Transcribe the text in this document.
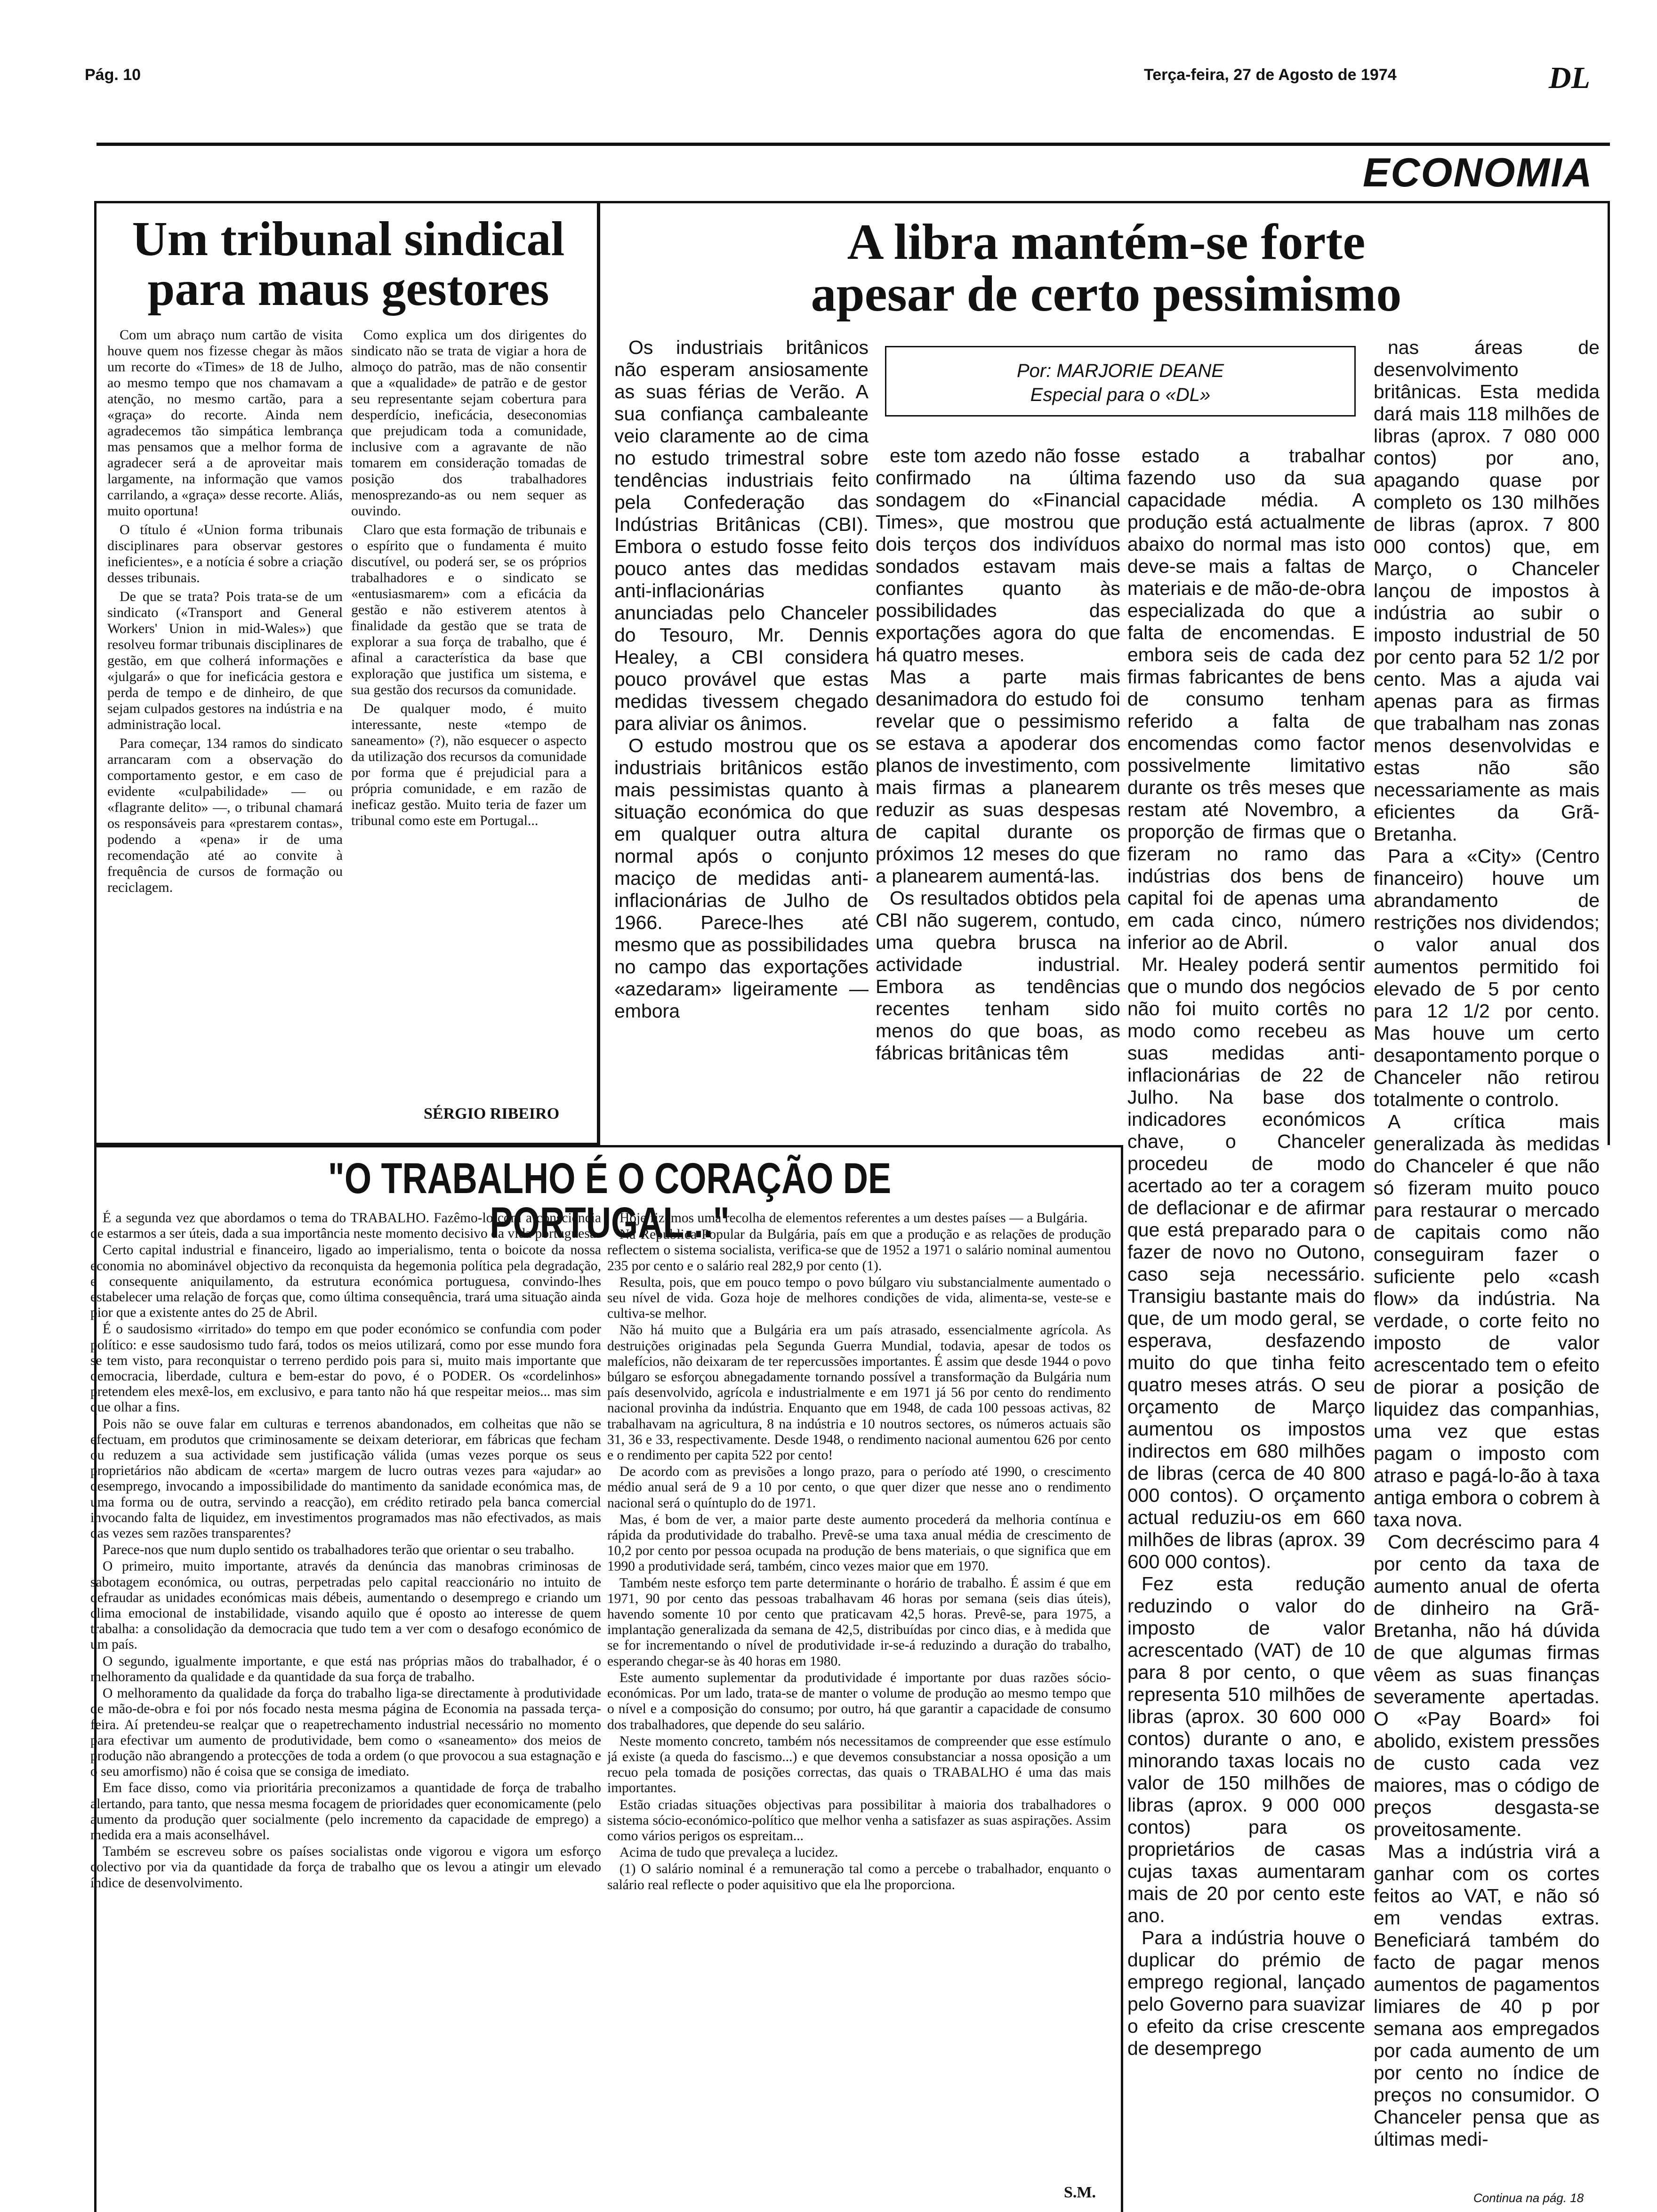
Pág. 10	Terça-feira, 27 de Agosto de 1974	DL
ECONOMIA
Um tribunal sindical para maus gestores

Com um abraço num cartão de visita houve quem nos fizesse chegar às mãos um recorte do «Times» de 18 de Julho, ao mesmo tempo que nos chamavam a atenção, no mesmo cartão, para a «graça» do recorte. Ainda nem agradecemos tão simpática lembrança mas pensamos que a melhor forma de agradecer será a de aproveitar mais largamente, na informação que vamos carrilando, a «graça» desse recorte. Aliás, muito oportuna!

O título é «Union forma tribunais disciplinares para observar gestores ineficientes», e a notícia é sobre a criação desses tribunais.

De que se trata? Pois trata-se de um sindicato («Transport and General Workers' Union in mid-Wales») que resolveu formar tribunais disciplinares de gestão, em que colherá informações e «julgará» o que for ineficácia gestora e perda de tempo e de dinheiro, de que sejam culpados gestores na indústria e na administração local.

Para começar, 134 ramos do sindicato arrancaram com a observação do comportamento gestor, e em caso de evidente «culpabilidade» — ou «flagrante delito» —, o tribunal chamará os responsáveis para «prestarem contas», podendo a «pena» ir de uma recomendação até ao convite à frequência de cursos de formação ou reciclagem.

Como explica um dos dirigentes do sindicato não se trata de vigiar a hora de almoço do patrão, mas de não consentir que a «qualidade» de patrão e de gestor seu representante sejam cobertura para desperdício, ineficácia, deseconomias que prejudicam toda a comunidade, inclusive com a agravante de não tomarem em consideração tomadas de posição dos trabalhadores menosprezando-as ou nem sequer as ouvindo.

Claro que esta formação de tribunais e o espírito que o fundamenta é muito discutível, ou poderá ser, se os próprios trabalhadores e o sindicato se «entusiasmarem» com a eficácia da gestão e não estiverem atentos à finalidade da gestão que se trata de explorar a sua força de trabalho, que é afinal a característica da base que exploração que justifica um sistema, e sua gestão dos recursos da comunidade.

De qualquer modo, é muito interessante, neste «tempo de saneamento» (?), não esquecer o aspecto da utilização dos recursos da comunidade por forma que é prejudicial para a própria comunidade, e em razão de ineficaz gestão. Muito teria de fazer um tribunal como este em Portugal...

SÉRGIO RIBEIRO
A libra mantém-se forte apesar de certo pessimismo
Por: MARJORIE DEANE
Especial para o «DL»

Os industriais britânicos não esperam ansiosamente as suas férias de Verão. A sua confiança cambaleante veio claramente ao de cima no estudo trimestral sobre tendências industriais feito pela Confederação das Indústrias Britânicas (CBI). Embora o estudo fosse feito pouco antes das medidas anti-inflacionárias anunciadas pelo Chanceler do Tesouro, Mr. Dennis Healey, a CBI considera pouco provável que estas medidas tivessem chegado para aliviar os ânimos.

O estudo mostrou que os industriais britânicos estão mais pessimistas quanto à situação económica do que em qualquer outra altura normal após o conjunto maciço de medidas anti-inflacionárias de Julho de 1966. Parece-lhes até mesmo que as possibilidades no campo das exportações «azedaram» ligeiramente — embora

este tom azedo não fosse confirmado na última sondagem do «Financial Times», que mostrou que dois terços dos indivíduos sondados estavam mais confiantes quanto às possibilidades das exportações agora do que há quatro meses.

Mas a parte mais desanimadora do estudo foi revelar que o pessimismo se estava a apoderar dos planos de investimento, com mais firmas a planearem reduzir as suas despesas de capital durante os próximos 12 meses do que a planearem aumentá-las.

Os resultados obtidos pela CBI não sugerem, contudo, uma quebra brusca na actividade industrial. Embora as tendências recentes tenham sido menos do que boas, as fábricas britânicas têm

estado a trabalhar fazendo uso da sua capacidade média. A produção está actualmente abaixo do normal mas isto deve-se mais a faltas de materiais e de mão-de-obra especializada do que a falta de encomendas. E embora seis de cada dez firmas fabricantes de bens de consumo tenham referido a falta de encomendas como factor possivelmente limitativo durante os três meses que restam até Novembro, a proporção de firmas que o fizeram no ramo das indústrias dos bens de capital foi de apenas uma em cada cinco, número inferior ao de Abril.

Mr. Healey poderá sentir que o mundo dos negócios não foi muito cortês no modo como recebeu as suas medidas anti-inflacionárias de 22 de Julho. Na base dos indicadores económicos chave, o Chanceler procedeu de modo acertado ao ter a coragem de deflacionar e de afirmar que está preparado para o fazer de novo no Outono, caso seja necessário. Transigiu bastante mais do que, de um modo geral, se esperava, desfazendo muito do que tinha feito quatro meses atrás. O seu orçamento de Março aumentou os impostos indirectos em 680 milhões de libras (cerca de 40 800 000 contos). O orçamento actual reduziu-os em 660 milhões de libras (aprox. 39 600 000 contos).

Fez esta redução reduzindo o valor do imposto de valor acrescentado (VAT) de 10 para 8 por cento, o que representa 510 milhões de libras (aprox. 30 600 000 contos) durante o ano, e minorando taxas locais no valor de 150 milhões de libras (aprox. 9 000 000 contos) para os proprietários de casas cujas taxas aumentaram mais de 20 por cento este ano.

Para a indústria houve o duplicar do prémio de emprego regional, lançado pelo Governo para suavizar o efeito da crise crescente de desemprego

nas áreas de desenvolvimento britânicas. Esta medida dará mais 118 milhões de libras (aprox. 7 080 000 contos) por ano, apagando quase por completo os 130 milhões de libras (aprox. 7 800 000 contos) que, em Março, o Chanceler lançou de impostos à indústria ao subir o imposto industrial de 50 por cento para 52 1/2 por cento. Mas a ajuda vai apenas para as firmas que trabalham nas zonas menos desenvolvidas e estas não são necessariamente as mais eficientes da Grã-Bretanha.

Para a «City» (Centro financeiro) houve um abrandamento de restrições nos dividendos; o valor anual dos aumentos permitido foi elevado de 5 por cento para 12 1/2 por cento. Mas houve um certo desapontamento porque o Chanceler não retirou totalmente o controlo.

A crítica mais generalizada às medidas do Chanceler é que não só fizeram muito pouco para restaurar o mercado de capitais como não conseguiram fazer o suficiente pelo «cash flow» da indústria. Na verdade, o corte feito no imposto de valor acrescentado tem o efeito de piorar a posição de liquidez das companhias, uma vez que estas pagam o imposto com atraso e pagá-lo-ão à taxa antiga embora o cobrem à taxa nova.

Com decréscimo para 4 por cento da taxa de aumento anual de oferta de dinheiro na Grã-Bretanha, não há dúvida de que algumas firmas vêem as suas finanças severamente apertadas. O «Pay Board» foi abolido, existem pressões de custo cada vez maiores, mas o código de preços desgasta-se proveitosamente.

Mas a indústria virá a ganhar com os cortes feitos ao VAT, e não só em vendas extras. Beneficiará também do facto de pagar menos aumentos de pagamentos limiares de 40 p por semana aos empregados por cada aumento de um por cento no índice de preços no consumidor. O Chanceler pensa que as últimas medi-

Continua na pág. 18
"O TRABALHO É O CORAÇÃO DE PORTUGAL..."

É a segunda vez que abordamos o tema do TRABALHO. Fazêmo-lo com a consciência de estarmos a ser úteis, dada a sua importância neste momento decisivo da vida portuguesa.

Certo capital industrial e financeiro, ligado ao imperialismo, tenta o boicote da nossa economia no abominável objectivo da reconquista da hegemonia política pela degradação, e consequente aniquilamento, da estrutura económica portuguesa, convindo-lhes estabelecer uma relação de forças que, como última consequência, trará uma situação ainda pior que a existente antes do 25 de Abril.

É o saudosismo «irritado» do tempo em que poder económico se confundia com poder político: e esse saudosismo tudo fará, todos os meios utilizará, como por esse mundo fora se tem visto, para reconquistar o terreno perdido pois para si, muito mais importante que democracia, liberdade, cultura e bem-estar do povo, é o PODER. Os «cordelinhos» pretendem eles mexê-los, em exclusivo, e para tanto não há que respeitar meios... mas sim que olhar a fins.

Pois não se ouve falar em culturas e terrenos abandonados, em colheitas que não se efectuam, em produtos que criminosamente se deixam deteriorar, em fábricas que fecham ou reduzem a sua actividade sem justificação válida (umas vezes porque os seus proprietários não abdicam de «certa» margem de lucro outras vezes para «ajudar» ao desemprego, invocando a impossibilidade do mantimento da sanidade económica mas, de uma forma ou de outra, servindo a reacção), em crédito retirado pela banca comercial invocando falta de liquidez, em investimentos programados mas não efectivados, as mais das vezes sem razões transparentes?

Parece-nos que num duplo sentido os trabalhadores terão que orientar o seu trabalho.

O primeiro, muito importante, através da denúncia das manobras criminosas de sabotagem económica, ou outras, perpetradas pelo capital reaccionário no intuito de defraudar as unidades económicas mais débeis, aumentando o desemprego e criando um clima emocional de instabilidade, visando aquilo que é oposto ao interesse de quem trabalha: a consolidação da democracia que tudo tem a ver com o desafogo económico de um país.

O segundo, igualmente importante, e que está nas próprias mãos do trabalhador, é o melhoramento da qualidade e da quantidade da sua força de trabalho.

O melhoramento da qualidade da força do trabalho liga-se directamente à produtividade de mão-de-obra e foi por nós focado nesta mesma página de Economia na passada terça-feira. Aí pretendeu-se realçar que o reapetrechamento industrial necessário no momento para efectivar um aumento de produtividade, bem como o «saneamento» dos meios de produção não abrangendo a protecções de toda a ordem (o que provocou a sua estagnação e o seu amorfismo) não é coisa que se consiga de imediato.

Em face disso, como via prioritária preconizamos a quantidade de força de trabalho alertando, para tanto, que nessa mesma focagem de prioridades quer economicamente (pelo aumento da produção quer socialmente (pelo incremento da capacidade de emprego) a medida era a mais aconselhável.

Também se escreveu sobre os países socialistas onde vigorou e vigora um esforço colectivo por via da quantidade da força de trabalho que os levou a atingir um elevado índice de desenvolvimento.

Hoje fizemos uma recolha de elementos referentes a um destes países — a Bulgária.

Na República Popular da Bulgária, país em que a produção e as relações de produção reflectem o sistema socialista, verifica-se que de 1952 a 1971 o salário nominal aumentou 235 por cento e o salário real 282,9 por cento (1).

Resulta, pois, que em pouco tempo o povo búlgaro viu substancialmente aumentado o seu nível de vida. Goza hoje de melhores condições de vida, alimenta-se, veste-se e cultiva-se melhor.

Não há muito que a Bulgária era um país atrasado, essencialmente agrícola. As destruições originadas pela Segunda Guerra Mundial, todavia, apesar de todos os malefícios, não deixaram de ter repercussões importantes. É assim que desde 1944 o povo búlgaro se esforçou abnegadamente tornando possível a transformação da Bulgária num país desenvolvido, agrícola e industrialmente e em 1971 já 56 por cento do rendimento nacional provinha da indústria. Enquanto que em 1948, de cada 100 pessoas activas, 82 trabalhavam na agricultura, 8 na indústria e 10 noutros sectores, os números actuais são 31, 36 e 33, respectivamente. Desde 1948, o rendimento nacional aumentou 626 por cento e o rendimento per capita 522 por cento!

De acordo com as previsões a longo prazo, para o período até 1990, o crescimento médio anual será de 9 a 10 por cento, o que quer dizer que nesse ano o rendimento nacional será o quíntuplo do de 1971.

Mas, é bom de ver, a maior parte deste aumento procederá da melhoria contínua e rápida da produtividade do trabalho. Prevê-se uma taxa anual média de crescimento de 10,2 por cento por pessoa ocupada na produção de bens materiais, o que significa que em 1990 a produtividade será, também, cinco vezes maior que em 1970.

Também neste esforço tem parte determinante o horário de trabalho. É assim é que em 1971, 90 por cento das pessoas trabalhavam 46 horas por semana (seis dias úteis), havendo somente 10 por cento que praticavam 42,5 horas. Prevê-se, para 1975, a implantação generalizada da semana de 42,5, distribuídas por cinco dias, e à medida que se for incrementando o nível de produtividade ir-se-á reduzindo a duração do trabalho, esperando chegar-se às 40 horas em 1980.

Este aumento suplementar da produtividade é importante por duas razões sócio-económicas. Por um lado, trata-se de manter o volume de produção ao mesmo tempo que o nível e a composição do consumo; por outro, há que garantir a capacidade de consumo dos trabalhadores, que depende do seu salário.

Neste momento concreto, também nós necessitamos de compreender que esse estímulo já existe (a queda do fascismo...) e que devemos consubstanciar a nossa oposição a um recuo pela tomada de posições correctas, das quais o TRABALHO é uma das mais importantes.

Estão criadas situações objectivas para possibilitar à maioria dos trabalhadores o sistema sócio-económico-político que melhor venha a satisfazer as suas aspirações. Assim como vários perigos os espreitam...

Acima de tudo que prevaleça a lucidez.

(1) O salário nominal é a remuneração tal como a percebe o trabalhador, enquanto o salário real reflecte o poder aquisitivo que ela lhe proporciona.

S.M.
